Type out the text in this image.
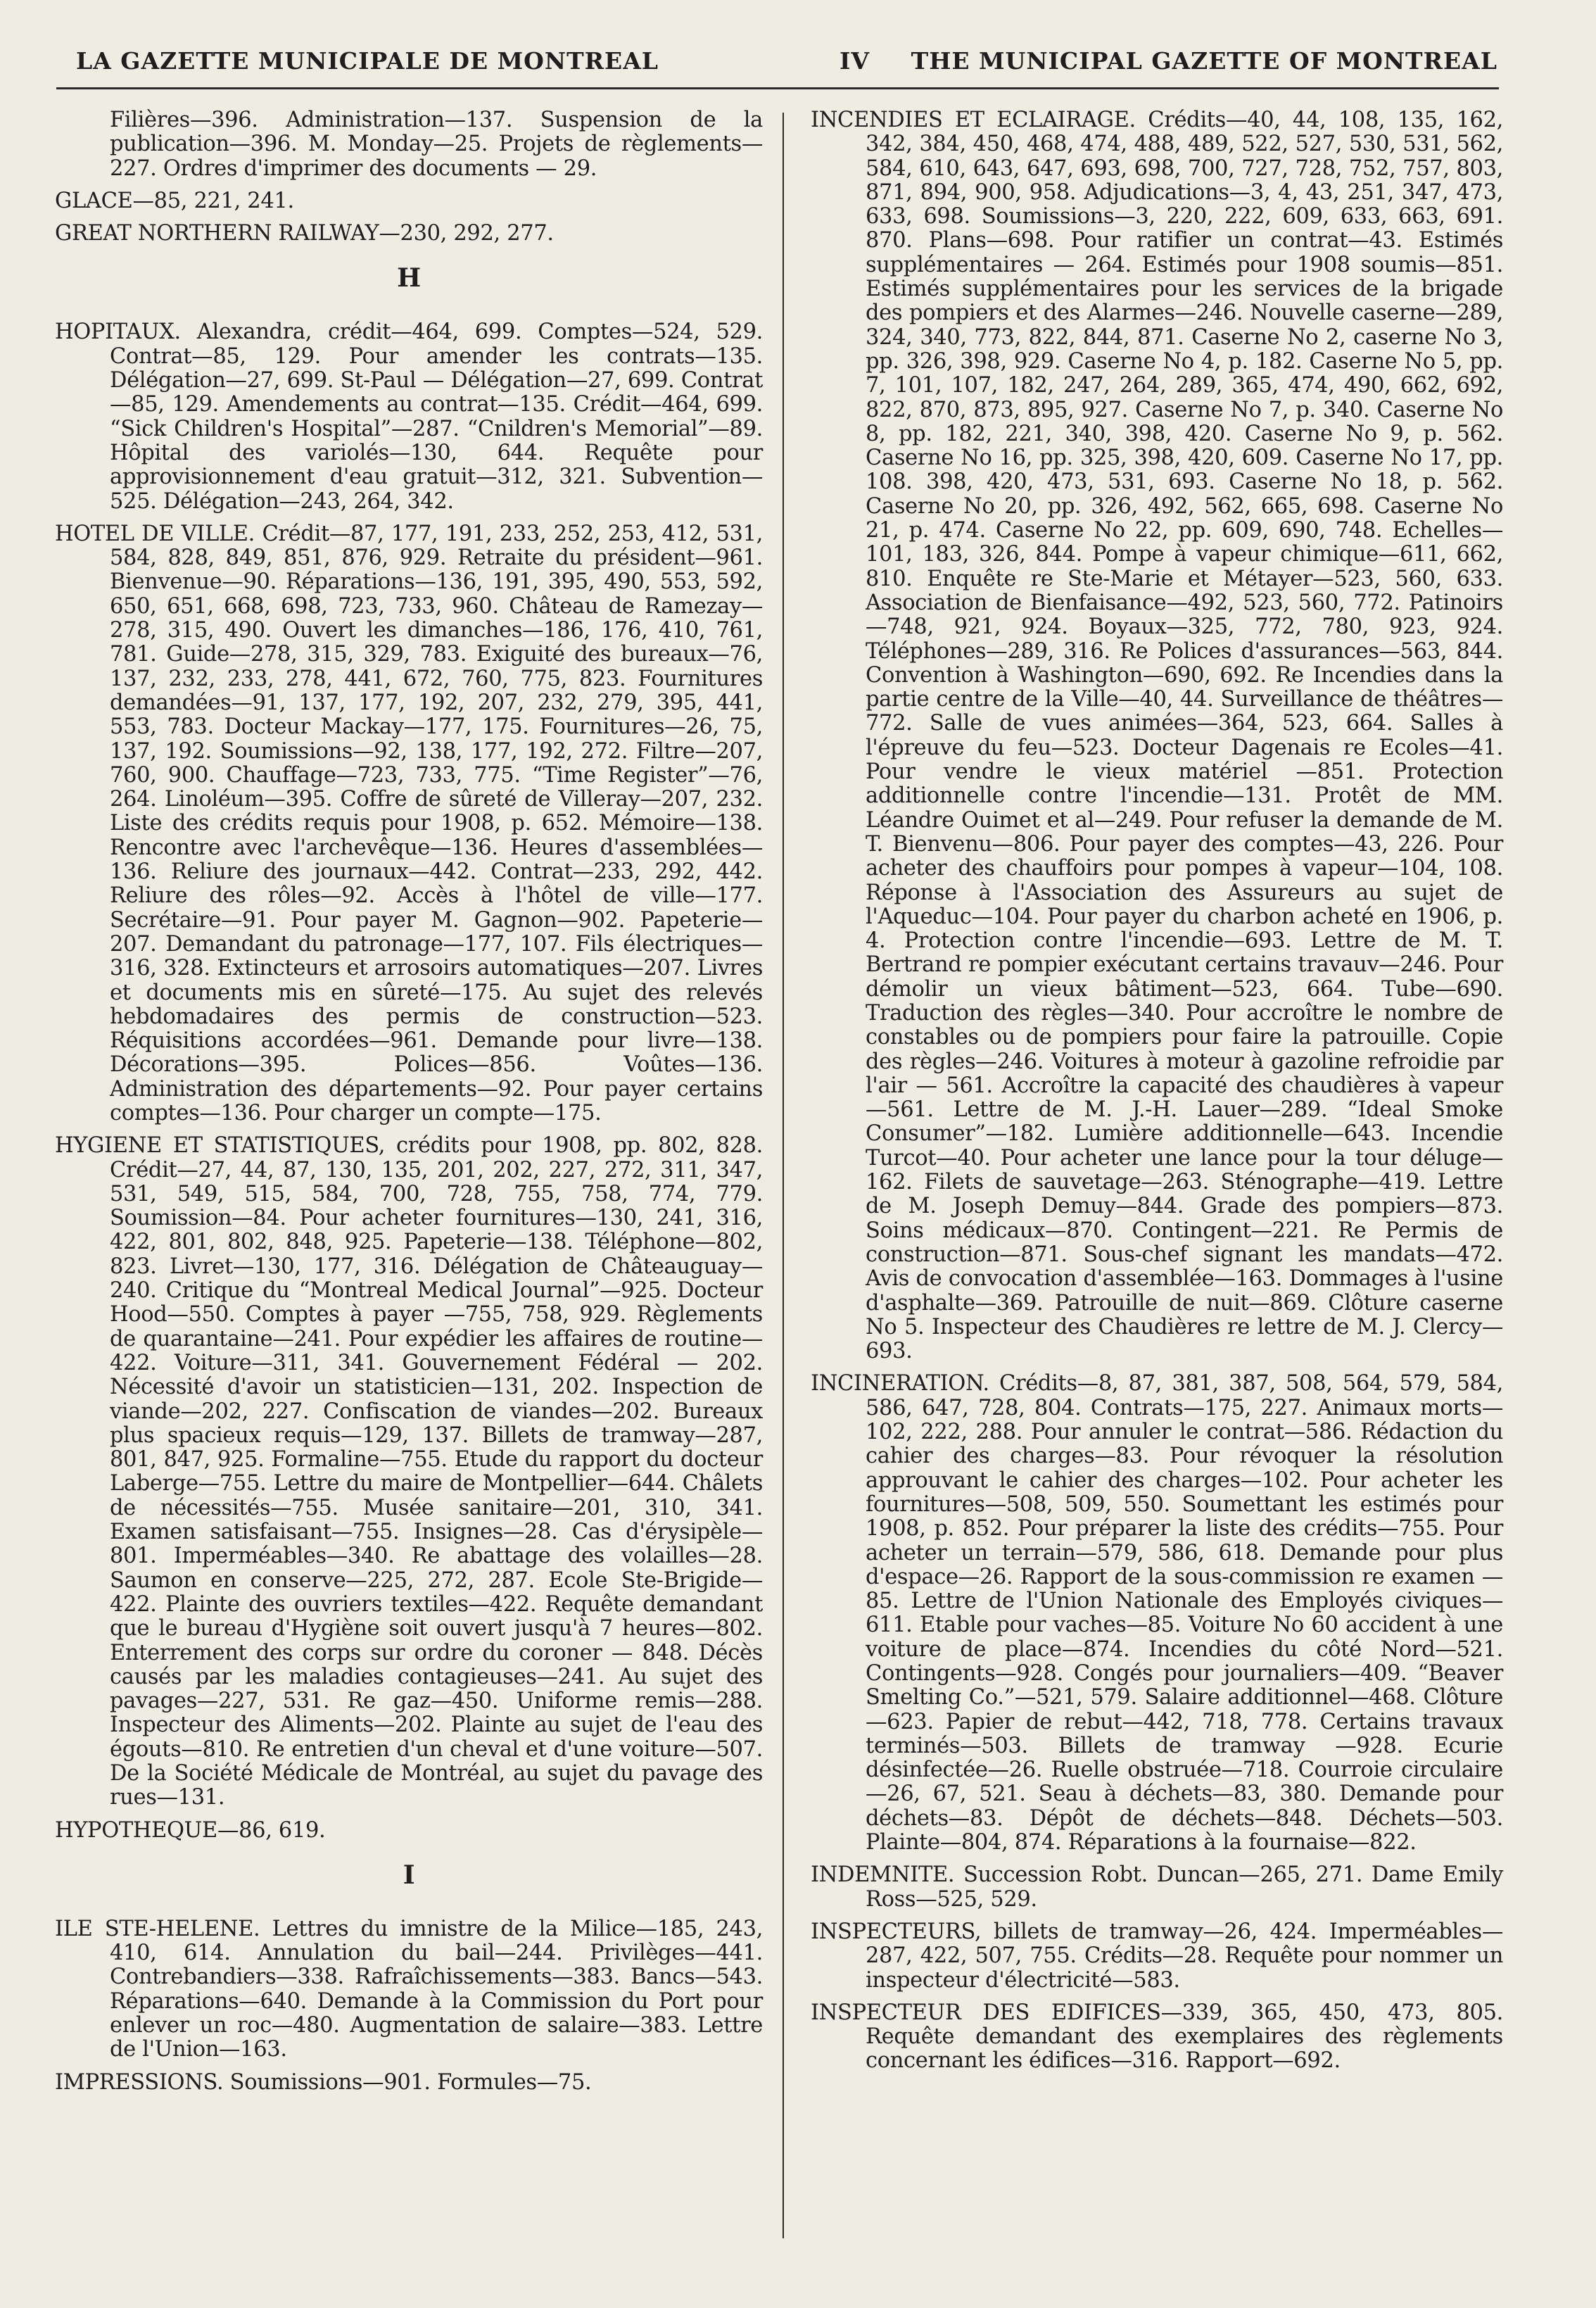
LA GAZETTE MUNICIPALE DE MONTREAL	IV THE MUNICIPAL GAZETTE OF MONTREAL

Filières—396. Administration—137. Suspension de la publication—396. M. Monday—25. Projets de règlements—227. Ordres d'imprimer des documents — 29.

GLACE—85, 221, 241.

GREAT NORTHERN RAILWAY—230, 292, 277.

H

HOPITAUX. Alexandra, crédit—464, 699. Comptes—524, 529. Contrat—85, 129. Pour amender les contrats—135. Délégation—27, 699. St-Paul — Délégation—27, 699. Contrat—85, 129. Amendements au contrat—135. Crédit—464, 699. “Sick Children's Hospital”—287. “Cnildren's Memorial”—89. Hôpital des variolés—130, 644. Requête pour approvisionnement d'eau gratuit—312, 321. Subvention—525. Délégation—243, 264, 342.

HOTEL DE VILLE. Crédit—87, 177, 191, 233, 252, 253, 412, 531, 584, 828, 849, 851, 876, 929. Retraite du président—961. Bienvenue—90. Réparations—136, 191, 395, 490, 553, 592, 650, 651, 668, 698, 723, 733, 960. Château de Ramezay—278, 315, 490. Ouvert les dimanches—186, 176, 410, 761, 781. Guide—278, 315, 329, 783. Exiguité des bureaux—76, 137, 232, 233, 278, 441, 672, 760, 775, 823. Fournitures demandées—91, 137, 177, 192, 207, 232, 279, 395, 441, 553, 783. Docteur Mackay—177, 175. Fournitures—26, 75, 137, 192. Soumissions—92, 138, 177, 192, 272. Filtre—207, 760, 900. Chauffage—723, 733, 775. “Time Register”—76, 264. Linoléum—395. Coffre de sûreté de Villeray—207, 232. Liste des crédits requis pour 1908, p. 652. Mémoire—138. Rencontre avec l'archevêque—136. Heures d'assemblées—136. Reliure des journaux—442. Contrat—233, 292, 442. Reliure des rôles—92. Accès à l'hôtel de ville—177. Secrétaire—91. Pour payer M. Gagnon—902. Papeterie—207. Demandant du patronage—177, 107. Fils électriques—316, 328. Extincteurs et arrosoirs automatiques—207. Livres et documents mis en sûreté—175. Au sujet des relevés hebdomadaires des permis de construction—523. Réquisitions accordées—961. Demande pour livre—138. Décorations—395. Polices—856. Voûtes—136. Administration des départements—92. Pour payer certains comptes—136. Pour charger un compte—175.

HYGIENE ET STATISTIQUES, crédits pour 1908, pp. 802, 828. Crédit—27, 44, 87, 130, 135, 201, 202, 227, 272, 311, 347, 531, 549, 515, 584, 700, 728, 755, 758, 774, 779. Soumission—84. Pour acheter fournitures—130, 241, 316, 422, 801, 802, 848, 925. Papeterie—138. Téléphone—802, 823. Livret—130, 177, 316. Délégation de Châteauguay—240. Critique du “Montreal Medical Journal”—925. Docteur Hood—550. Comptes à payer —755, 758, 929. Règlements de quarantaine—241. Pour expédier les affaires de routine—422. Voiture—311, 341. Gouvernement Fédéral — 202. Nécessité d'avoir un statisticien—131, 202. Inspection de viande—202, 227. Confiscation de viandes—202. Bureaux plus spacieux requis—129, 137. Billets de tramway—287, 801, 847, 925. Formaline—755. Etude du rapport du docteur Laberge—755. Lettre du maire de Montpellier—644. Châlets de nécessités—755. Musée sanitaire—201, 310, 341. Examen satisfaisant—755. Insignes—28. Cas d'érysipèle—801. Imperméables—340. Re abattage des volailles—28. Saumon en conserve—225, 272, 287. Ecole Ste-Brigide—422. Plainte des ouvriers textiles—422. Requête demandant que le bureau d'Hygiène soit ouvert jusqu'à 7 heures—802. Enterrement des corps sur ordre du coroner — 848. Décès causés par les maladies contagieuses—241. Au sujet des pavages—227, 531. Re gaz—450. Uniforme remis—288. Inspecteur des Aliments—202. Plainte au sujet de l'eau des égouts—810. Re entretien d'un cheval et d'une voiture—507. De la Société Médicale de Montréal, au sujet du pavage des rues—131.

HYPOTHEQUE—86, 619.

I

ILE STE-HELENE. Lettres du imnistre de la Milice—185, 243, 410, 614. Annulation du bail—244. Privilèges—441. Contrebandiers—338. Rafraîchissements—383. Bancs—543. Réparations—640. Demande à la Commission du Port pour enlever un roc—480. Augmentation de salaire—383. Lettre de l'Union—163.

IMPRESSIONS. Soumissions—901. Formules—75.

INCENDIES ET ECLAIRAGE. Crédits—40, 44, 108, 135, 162, 342, 384, 450, 468, 474, 488, 489, 522, 527, 530, 531, 562, 584, 610, 643, 647, 693, 698, 700, 727, 728, 752, 757, 803, 871, 894, 900, 958. Adjudications—3, 4, 43, 251, 347, 473, 633, 698. Soumissions—3, 220, 222, 609, 633, 663, 691. 870. Plans—698. Pour ratifier un contrat—43. Estimés supplémentaires — 264. Estimés pour 1908 soumis—851. Estimés supplémentaires pour les services de la brigade des pompiers et des Alarmes—246. Nouvelle caserne—289, 324, 340, 773, 822, 844, 871. Caserne No 2, caserne No 3, pp. 326, 398, 929. Caserne No 4, p. 182. Caserne No 5, pp. 7, 101, 107, 182, 247, 264, 289, 365, 474, 490, 662, 692, 822, 870, 873, 895, 927. Caserne No 7, p. 340. Caserne No 8, pp. 182, 221, 340, 398, 420. Caserne No 9, p. 562. Caserne No 16, pp. 325, 398, 420, 609. Caserne No 17, pp. 108. 398, 420, 473, 531, 693. Caserne No 18, p. 562. Caserne No 20, pp. 326, 492, 562, 665, 698. Caserne No 21, p. 474. Caserne No 22, pp. 609, 690, 748. Echelles—101, 183, 326, 844. Pompe à vapeur chimique—611, 662, 810. Enquête re Ste-Marie et Métayer—523, 560, 633. Association de Bienfaisance—492, 523, 560, 772. Patinoirs—748, 921, 924. Boyaux—325, 772, 780, 923, 924. Téléphones—289, 316. Re Polices d'assurances—563, 844. Convention à Washington—690, 692. Re Incendies dans la partie centre de la Ville—40, 44. Surveillance de théâtres—772. Salle de vues animées—364, 523, 664. Salles à l'épreuve du feu—523. Docteur Dagenais re Ecoles—41. Pour vendre le vieux matériel —851. Protection additionnelle contre l'incendie—131. Protêt de MM. Léandre Ouimet et al—249. Pour refuser la demande de M. T. Bienvenu—806. Pour payer des comptes—43, 226. Pour acheter des chauffoirs pour pompes à vapeur—104, 108. Réponse à l'Association des Assureurs au sujet de l'Aqueduc—104. Pour payer du charbon acheté en 1906, p. 4. Protection contre l'incendie—693. Lettre de M. T. Bertrand re pompier exécutant certains travauv—246. Pour démolir un vieux bâtiment—523, 664. Tube—690. Traduction des règles—340. Pour accroître le nombre de constables ou de pompiers pour faire la patrouille. Copie des règles—246. Voitures à moteur à gazoline refroidie par l'air — 561. Accroître la capacité des chaudières à vapeur—561. Lettre de M. J.-H. Lauer—289. “Ideal Smoke Consumer”—182. Lumière additionnelle—643. Incendie Turcot—40. Pour acheter une lance pour la tour déluge—162. Filets de sauvetage—263. Sténographe—419. Lettre de M. Joseph Demuy—844. Grade des pompiers—873. Soins médicaux—870. Contingent—221. Re Permis de construction—871. Sous-chef signant les mandats—472. Avis de convocation d'assemblée—163. Dommages à l'usine d'asphalte—369. Patrouille de nuit—869. Clôture caserne No 5. Inspecteur des Chaudières re lettre de M. J. Clercy—693.

INCINERATION. Crédits—8, 87, 381, 387, 508, 564, 579, 584, 586, 647, 728, 804. Contrats—175, 227. Animaux morts—102, 222, 288. Pour annuler le contrat—586. Rédaction du cahier des charges—83. Pour révoquer la résolution approuvant le cahier des charges—102. Pour acheter les fournitures—508, 509, 550. Soumettant les estimés pour 1908, p. 852. Pour préparer la liste des crédits—755. Pour acheter un terrain—579, 586, 618. Demande pour plus d'espace—26. Rapport de la sous-commission re examen — 85. Lettre de l'Union Nationale des Employés civiques—611. Etable pour vaches—85. Voiture No 60 accident à une voiture de place—874. Incendies du côté Nord—521. Contingents—928. Congés pour journaliers—409. “Beaver Smelting Co.”—521, 579. Salaire additionnel—468. Clôture—623. Papier de rebut—442, 718, 778. Certains travaux terminés—503. Billets de tramway —928. Ecurie désinfectée—26. Ruelle obstruée—718. Courroie circulaire—26, 67, 521. Seau à déchets—83, 380. Demande pour déchets—83. Dépôt de déchets—848. Déchets—503. Plainte—804, 874. Réparations à la fournaise—822.

INDEMNITE. Succession Robt. Duncan—265, 271. Dame Emily Ross—525, 529.

INSPECTEURS, billets de tramway—26, 424. Imperméables—287, 422, 507, 755. Crédits—28. Requête pour nommer un inspecteur d'électricité—583.

INSPECTEUR DES EDIFICES—339, 365, 450, 473, 805. Requête demandant des exemplaires des règlements concernant les édifices—316. Rapport—692.
